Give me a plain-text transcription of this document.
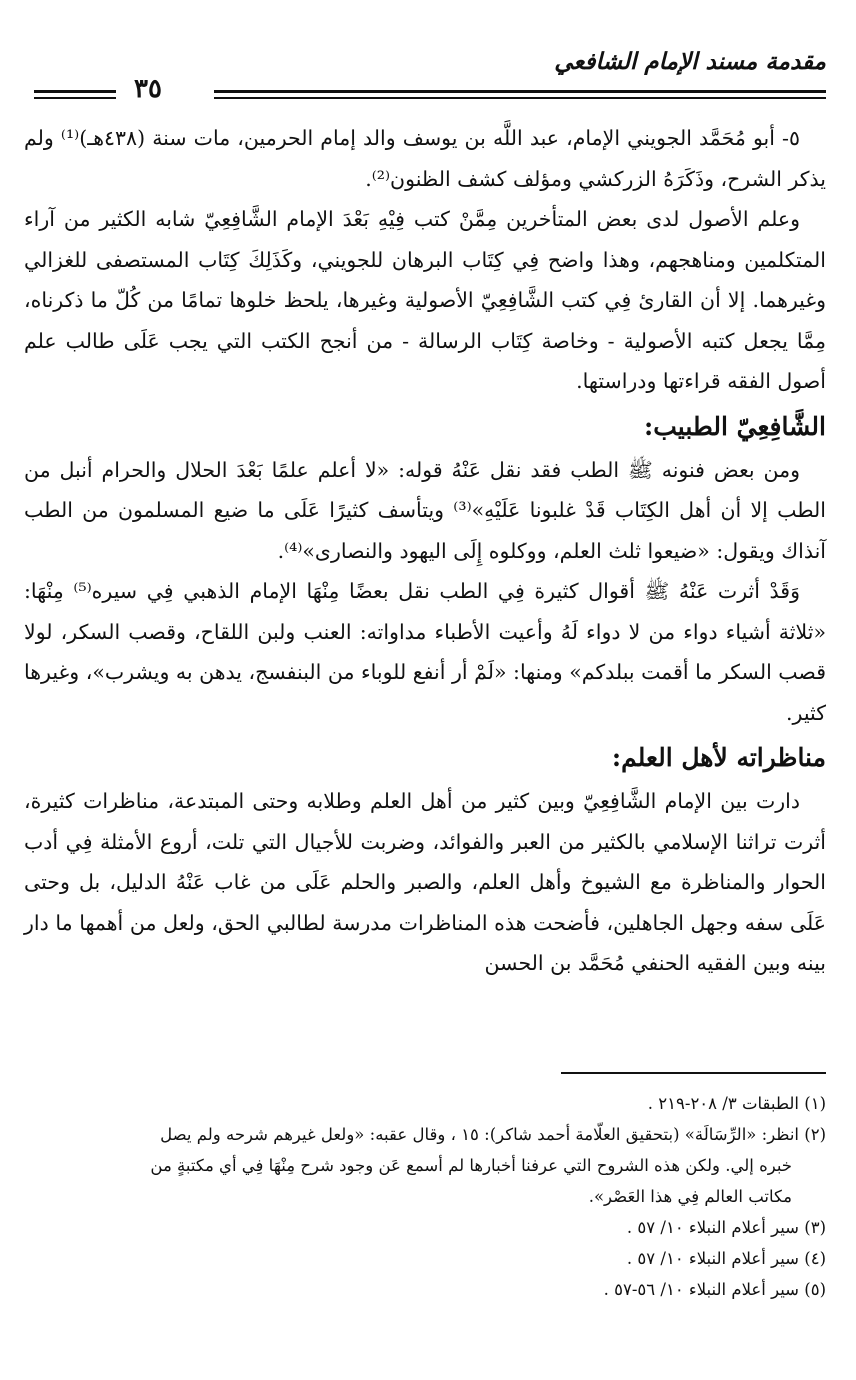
مقدمة مسند الإمام الشافعي
٣٥

٥- أبو مُحَمَّد الجويني الإمام، عبد اللَّه بن يوسف والد إمام الحرمين، مات سنة (٤٣٨هـ)⁽¹⁾ ولم يذكر الشرح، وذَكَرَهُ الزركشي ومؤلف كشف الظنون⁽²⁾.

وعلم الأصول لدى بعض المتأخرين مِمَّنْ كتب فِيْهِ بَعْدَ الإمام الشَّافِعِيّ شابه الكثير من آراء المتكلمين ومناهجهم، وهذا واضح فِي كِتَاب البرهان للجويني، وكَذَلِكَ كِتَاب المستصفى للغزالي وغيرهما. إلا أن القارئ فِي كتب الشَّافِعِيّ الأصولية وغيرها، يلحظ خلوها تمامًا من كُلّ ما ذكرناه، مِمَّا يجعل كتبه الأصولية - وخاصة كِتَاب الرسالة - من أنجح الكتب التي يجب عَلَى طالب علم أصول الفقه قراءتها ودراستها.

الشَّافِعِيّ الطبيب:

ومن بعض فنونه ﷺ الطب فقد نقل عَنْهُ قوله: «لا أعلم علمًا بَعْدَ الحلال والحرام أنبل من الطب إلا أن أهل الكِتَاب قَدْ غلبونا عَلَيْهِ»⁽³⁾ ويتأسف كثيرًا عَلَى ما ضيع المسلمون من الطب آنذاك ويقول: «ضيعوا ثلث العلم، ووكلوه إِلَى اليهود والنصارى»⁽⁴⁾.

وَقَدْ أثرت عَنْهُ ﷺ أقوال كثيرة فِي الطب نقل بعضًا مِنْهَا الإمام الذهبي فِي سيره⁽⁵⁾ مِنْهَا: «ثلاثة أشياء دواء من لا دواء لَهُ وأعيت الأطباء مداواته: العنب ولبن اللقاح، وقصب السكر، لولا قصب السكر ما أقمت ببلدكم» ومنها: «لَمْ أر أنفع للوباء من البنفسج، يدهن به ويشرب»، وغيرها كثير.

مناظراته لأهل العلم:

دارت بين الإمام الشَّافِعِيّ وبين كثير من أهل العلم وطلابه وحتى المبتدعة، مناظرات كثيرة، أثرت تراثنا الإسلامي بالكثير من العبر والفوائد، وضربت للأجيال التي تلت، أروع الأمثلة فِي أدب الحوار والمناظرة مع الشيوخ وأهل العلم، والصبر والحلم عَلَى من غاب عَنْهُ الدليل، بل وحتى عَلَى سفه وجهل الجاهلين، فأضحت هذه المناظرات مدرسة لطالبي الحق، ولعل من أهمها ما دار بينه وبين الفقيه الحنفي مُحَمَّد بن الحسن

(١) الطبقات ٣/ ٢٠٨-٢١٩ .

(٢) انظر: «الرِّسَالَة» (بتحقيق العلّامة أحمد شاكر): ١٥ ، وقال عقبه: «ولعل غيرهم شرحه ولم يصل

خبره إلي. ولكن هذه الشروح التي عرفنا أخبارها لم أسمع عَن وجود شرح مِنْهَا فِي أي مكتبةٍ من

مكاتب العالم فِي هذا العَصْر».

(٣) سير أعلام النبلاء ١٠/ ٥٧ .

(٤) سير أعلام النبلاء ١٠/ ٥٧ .

(٥) سير أعلام النبلاء ١٠/ ٥٦-٥٧ .
